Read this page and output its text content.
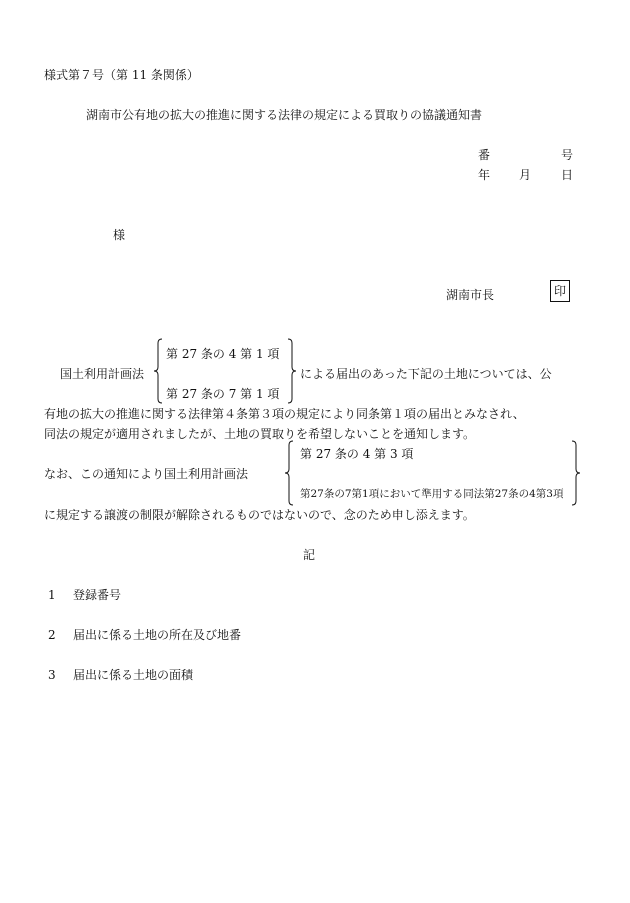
様式第７号（第 11 条関係）
湖南市公有地の拡大の推進に関する法律の規定による買取りの協議通知書
番	号
年 月 日
様
湖南市長	印
国土利用計画法
第 27 条の 4 第 1 項
第 27 条の 7 第 1 項
による届出のあった下記の土地については、公
有地の拡大の推進に関する法律第４条第３項の規定により同条第１項の届出とみなされ、
同法の規定が適用されましたが、土地の買取りを希望しないことを通知します。
なお、この通知により国土利用計画法
第 27 条の 4 第 3 項
第27条の7第1項において準用する同法第27条の4第3項
に規定する譲渡の制限が解除されるものではないので、念のため申し添えます。
記
1 登録番号
2 届出に係る土地の所在及び地番
3 届出に係る土地の面積
